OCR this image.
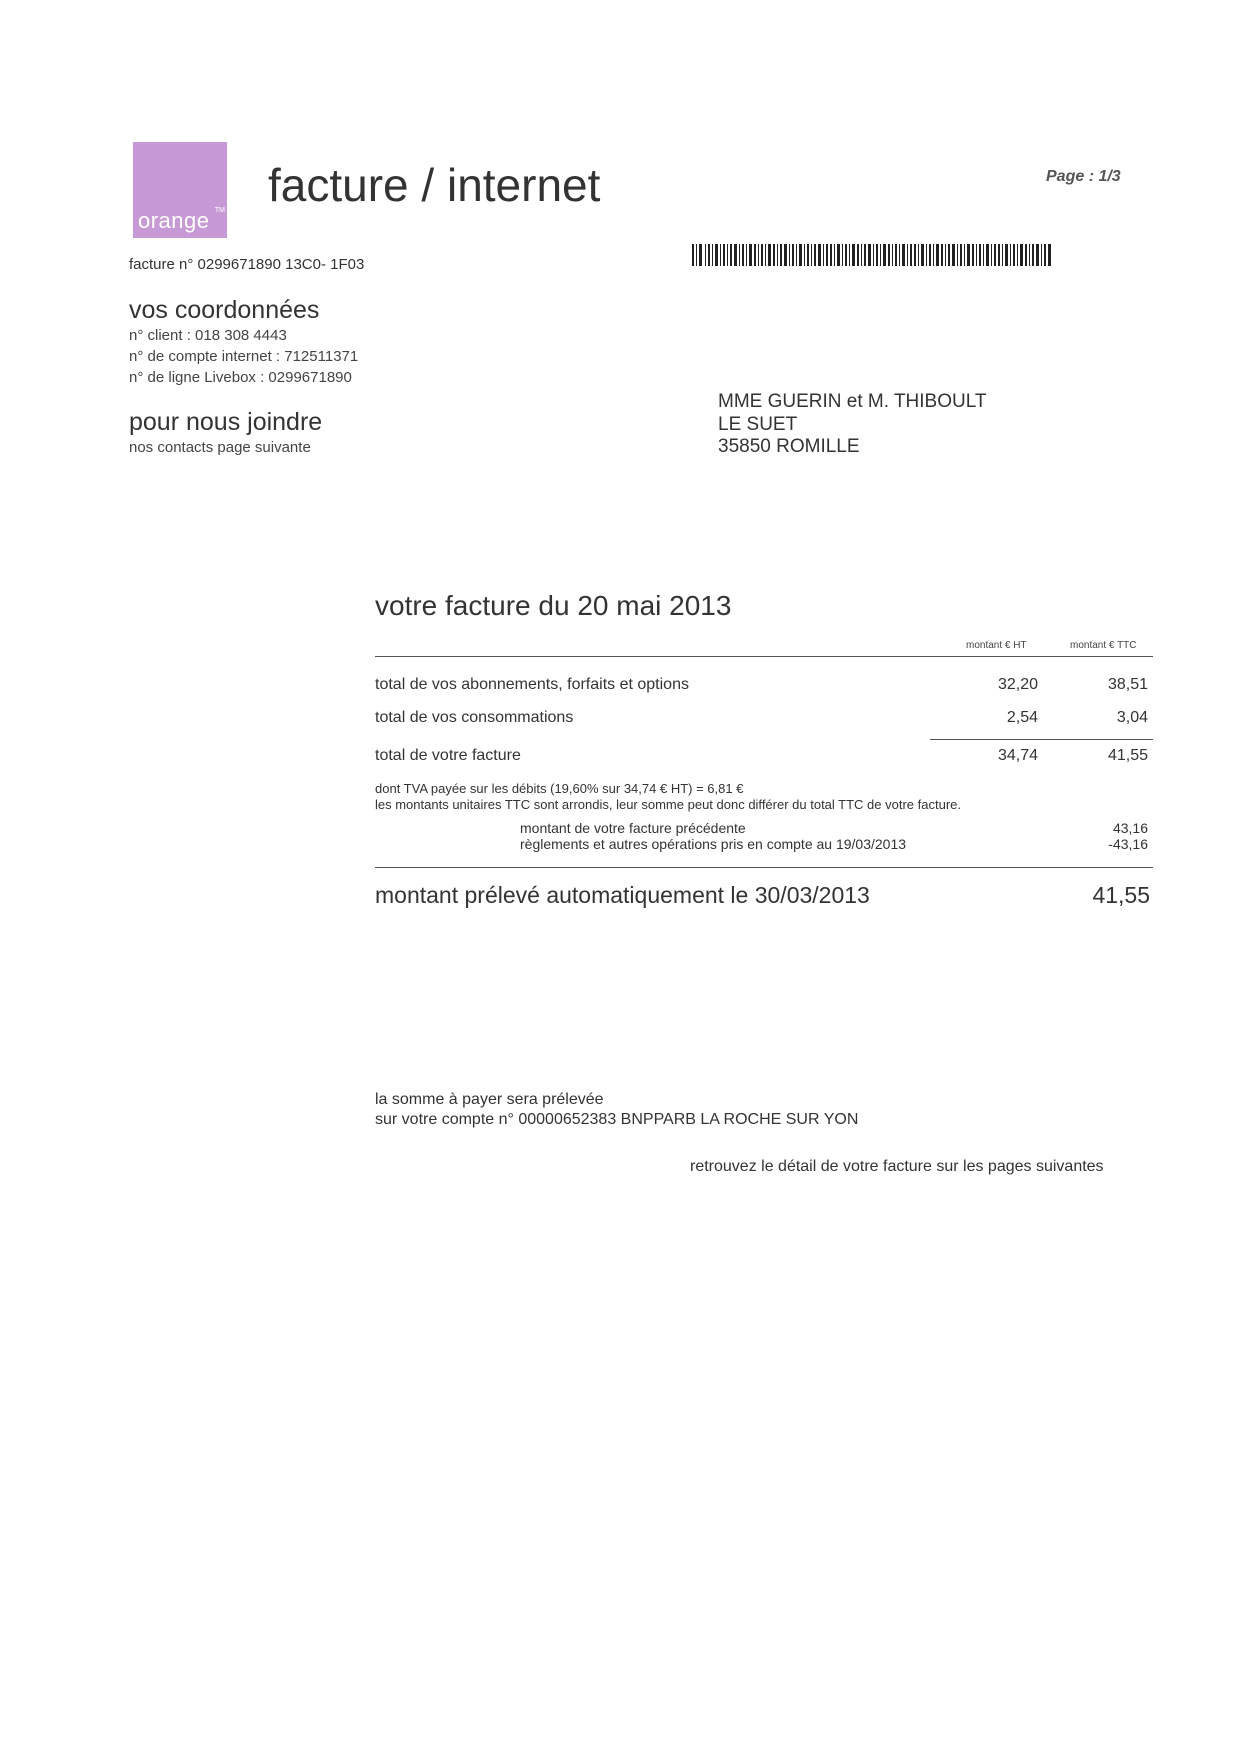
TM
orange
facture / internet	Page : 1/3
facture n° 0299671890 13C0- 1F03
vos coordonnées
n° client : 018 308 4443
n° de compte internet : 712511371
n° de ligne Livebox : 0299671890
pour nous joindre
nos contacts page suivante
MME GUERIN et M. THIBOULT
LE SUET
35850 ROMILLE
votre facture du 20 mai 2013
montant € HT	montant € TTC
total de vos abonnements, forfaits et options	32,20	38,51
total de vos consommations	2,54	3,04
total de votre facture	34,74	41,55
dont TVA payée sur les débits (19,60% sur 34,74 € HT) = 6,81 €
les montants unitaires TTC sont arrondis, leur somme peut donc différer du total TTC de votre facture.
montant de votre facture précédente	43,16
règlements et autres opérations pris en compte au 19/03/2013	-43,16
montant prélevé automatiquement le 30/03/2013	41,55
la somme à payer sera prélevée
sur votre compte n° 00000652383 BNPPARB LA ROCHE SUR YON
retrouvez le détail de votre facture sur les pages suivantes
